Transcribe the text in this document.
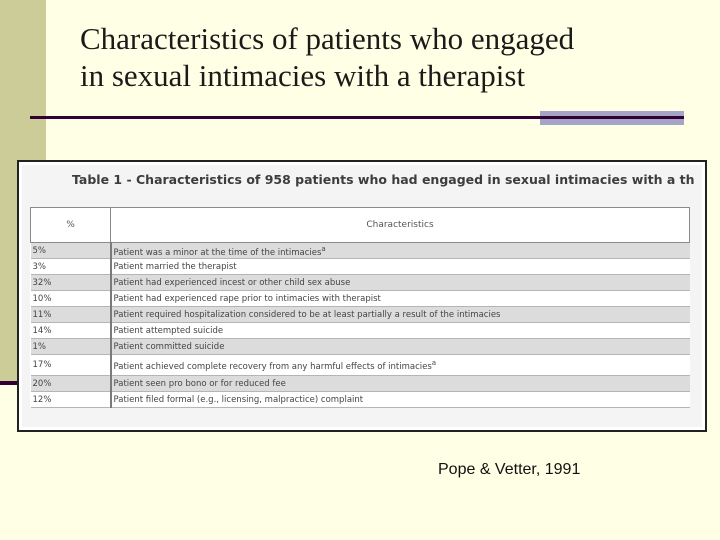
Characteristics of patients who engaged
in sexual intimacies with a therapist
Table 1 - Characteristics of 958 patients who had engaged in sexual intimacies with a th
%	Characteristics
5%	Patient was a minor at the time of the intimacies$^a$
3%	Patient married the therapist
32%	Patient had experienced incest or other child sex abuse
10%	Patient had experienced rape prior to intimacies with therapist
11%	Patient required hospitalization considered to be at least partially a result of the intimacies
14%	Patient attempted suicide
1%	Patient committed suicide
17%	Patient achieved complete recovery from any harmful effects of intimacies$^a$
20%	Patient seen pro bono or for reduced fee
12%	Patient filed formal (e.g., licensing, malpractice) complaint
Pope & Vetter, 1991
